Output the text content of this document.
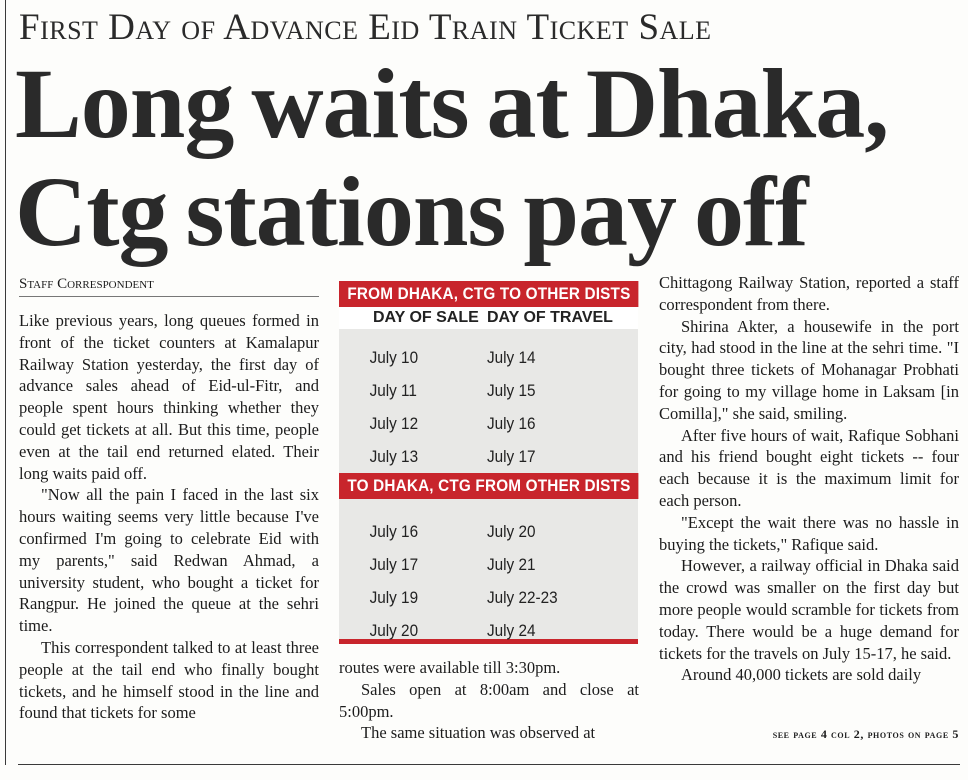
First Day of Advance Eid Train Ticket Sale
Long waits at Dhaka,
Ctg stations pay off
Staff Correspondent

Like previous years, long queues formed in front of the ticket counters at Kamalapur Railway Station yesterday, the first day of advance sales ahead of Eid-ul-Fitr, and people spent hours thinking whether they could get tickets at all. But this time, people even at the tail end returned elated. Their long waits paid off.

"Now all the pain I faced in the last six hours waiting seems very little because I've confirmed I'm going to celebrate Eid with my parents," said Redwan Ahmad, a university student, who bought a ticket for Rangpur. He joined the queue at the sehri time.

This correspondent talked to at least three people at the tail end who finally bought tickets, and he himself stood in the line and found that tickets for some

FROM DHAKA, CTG TO OTHER DISTS
DAY OF SALE DAY OF TRAVEL
July 10	July 14
July 11	July 15
July 12	July 16
July 13	July 17
TO DHAKA, CTG FROM OTHER DISTS
July 16	July 20
July 17	July 21
July 19	July 22-23
July 20	July 24

routes were available till 3:30pm.

Sales open at 8:00am and close at 5:00pm.

The same situation was observed at

Chittagong Railway Station, reported a staff correspondent from there.

Shirina Akter, a housewife in the port city, had stood in the line at the sehri time. "I bought three tickets of Mohanagar Probhati for going to my village home in Laksam [in Comilla]," she said, smiling.

After five hours of wait, Rafique Sobhani and his friend bought eight tickets -- four each because it is the maximum limit for each person.

"Except the wait there was no hassle in buying the tickets," Rafique said.

However, a railway official in Dhaka said the crowd was smaller on the first day but more people would scramble for tickets from today. There would be a huge demand for tickets for the travels on July 15-17, he said.

Around 40,000 tickets are sold daily

see page 4 col 2, photos on page 5
